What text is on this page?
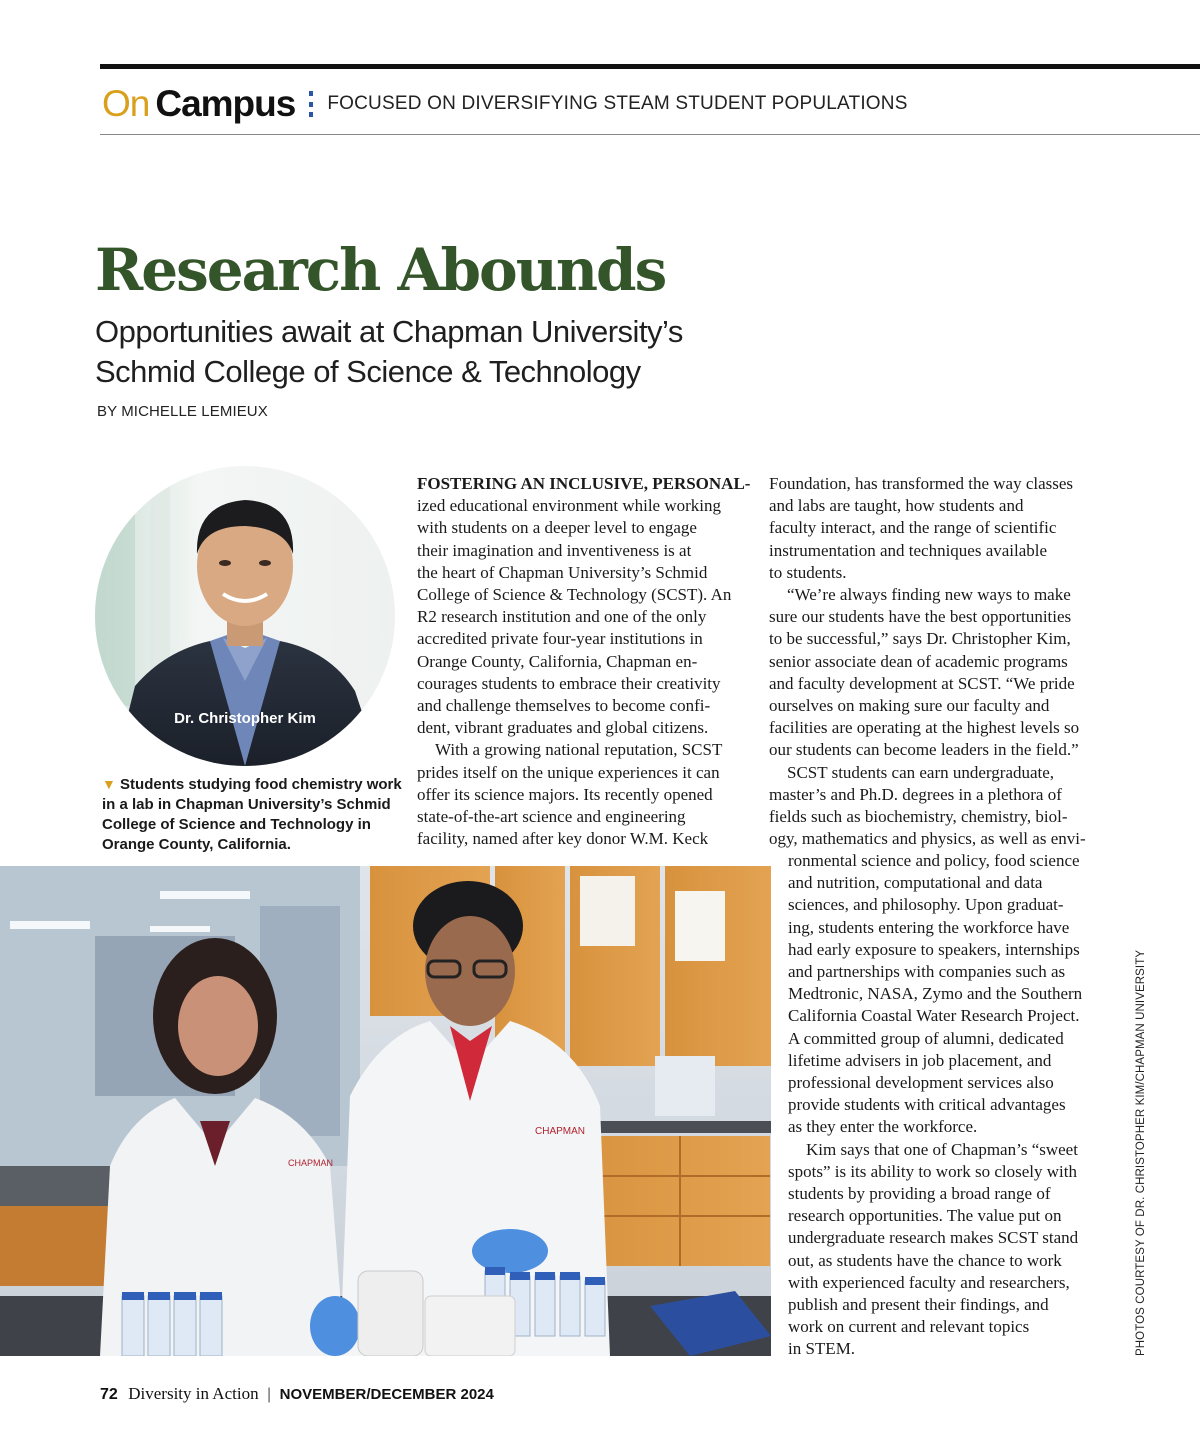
On Campus FOCUSED ON DIVERSIFYING STEAM STUDENT POPULATIONS
Research Abounds
Opportunities await at Chapman University’s
Schmid College of Science & Technology
BY MICHELLE LEMIEUX
Dr. Christopher Kim
▼ Students studying food chemistry work in a lab in Chapman University’s Schmid College of Science and Technology in Orange County, California.
FOSTERING AN INCLUSIVE, PERSONAL-
ized educational environment while working
with students on a deeper level to engage
their imagination and inventiveness is at
the heart of Chapman University’s Schmid
College of Science & Technology (SCST). An
R2 research institution and one of the only
accredited private four-year institutions in
Orange County, California, Chapman en-
courages students to embrace their creativity
and challenge themselves to become confi-
dent, vibrant graduates and global citizens.
With a growing national reputation, SCST
prides itself on the unique experiences it can
offer its science majors. Its recently opened
state-of-the-art science and engineering
facility, named after key donor W.M. Keck
Foundation, has transformed the way classes
and labs are taught, how students and
faculty interact, and the range of scientific
instrumentation and techniques available
to students.
“We’re always finding new ways to make
sure our students have the best opportunities
to be successful,” says Dr. Christopher Kim,
senior associate dean of academic programs
and faculty development at SCST. “We pride
ourselves on making sure our faculty and
facilities are operating at the highest levels so
our students can become leaders in the field.”
SCST students can earn undergraduate,
master’s and Ph.D. degrees in a plethora of
fields such as biochemistry, chemistry, biol-
ogy, mathematics and physics, as well as envi-
ronmental science and policy, food science
and nutrition, computational and data
sciences, and philosophy. Upon graduat-
ing, students entering the workforce have
had early exposure to speakers, internships
and partnerships with companies such as
Medtronic, NASA, Zymo and the Southern
California Coastal Water Research Project.
A committed group of alumni, dedicated
lifetime advisers in job placement, and
professional development services also
provide students with critical advantages
as they enter the workforce.
Kim says that one of Chapman’s “sweet
spots” is its ability to work so closely with
students by providing a broad range of
research opportunities. The value put on
undergraduate research makes SCST stand
out, as students have the chance to work
with experienced faculty and researchers,
publish and present their findings, and
work on current and relevant topics
in STEM.
CHAPMAN
CHAPMAN	PHOTOS COURTESY OF DR. CHRISTOPHER KIM/CHAPMAN UNIVERSITY
72 Diversity in Action | NOVEMBER/DECEMBER 2024
